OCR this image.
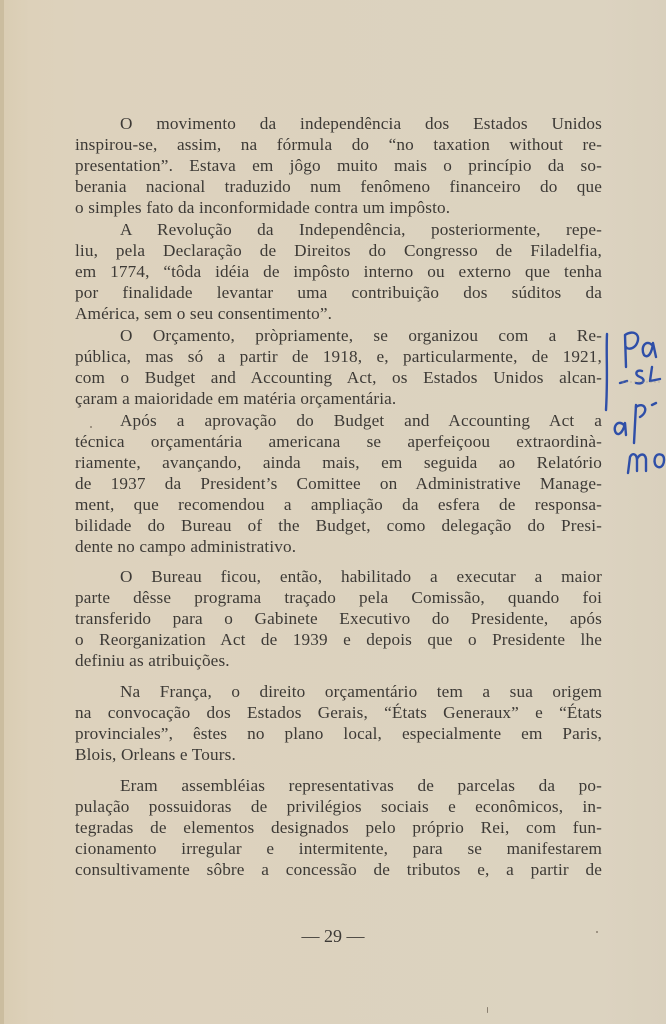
O movimento da independência dos Estados Unidos
inspirou-se, assim, na fórmula do “no taxation without re-
presentation”. Estava em jôgo muito mais o princípio da so-
berania nacional traduzido num fenômeno financeiro do que
o simples fato da inconformidade contra um impôsto.
A Revolução da Independência, posteriormente, repe-
liu, pela Declaração de Direitos do Congresso de Filadelfia,
em 1774, “tôda idéia de impôsto interno ou externo que tenha
por finalidade levantar uma contribuição dos súditos da
América, sem o seu consentimento”.
O Orçamento, pròpriamente, se organizou com a Re-
pública, mas só a partir de 1918, e, particularmente, de 1921,
com o Budget and Accounting Act, os Estados Unidos alcan-
çaram a maioridade em matéria orçamentária.
Após a aprovação do Budget and Accounting Act a
técnica orçamentária americana se aperfeiçoou extraordinà-
riamente, avançando, ainda mais, em seguida ao Relatório
de 1937 da President’s Comittee on Administrative Manage-
ment, que recomendou a ampliação da esfera de responsa-
bilidade do Bureau of the Budget, como delegação do Presi-
dente no campo administrativo.
O Bureau ficou, então, habilitado a executar a maior
parte dêsse programa traçado pela Comissão, quando foi
transferido para o Gabinete Executivo do Presidente, após
o Reorganization Act de 1939 e depois que o Presidente lhe
definiu as atribuições.
Na França, o direito orçamentário tem a sua origem
na convocação dos Estados Gerais, “États Generaux” e “États
provinciales”, êstes no plano local, especialmente em Paris,
Blois, Orleans e Tours.
Eram assembléias representativas de parcelas da po-
pulação possuidoras de privilégios sociais e econômicos, in-
tegradas de elementos designados pelo próprio Rei, com fun-
cionamento irregular e intermitente, para se manifestarem
consultivamente sôbre a concessão de tributos e, a partir de
— 29 —
